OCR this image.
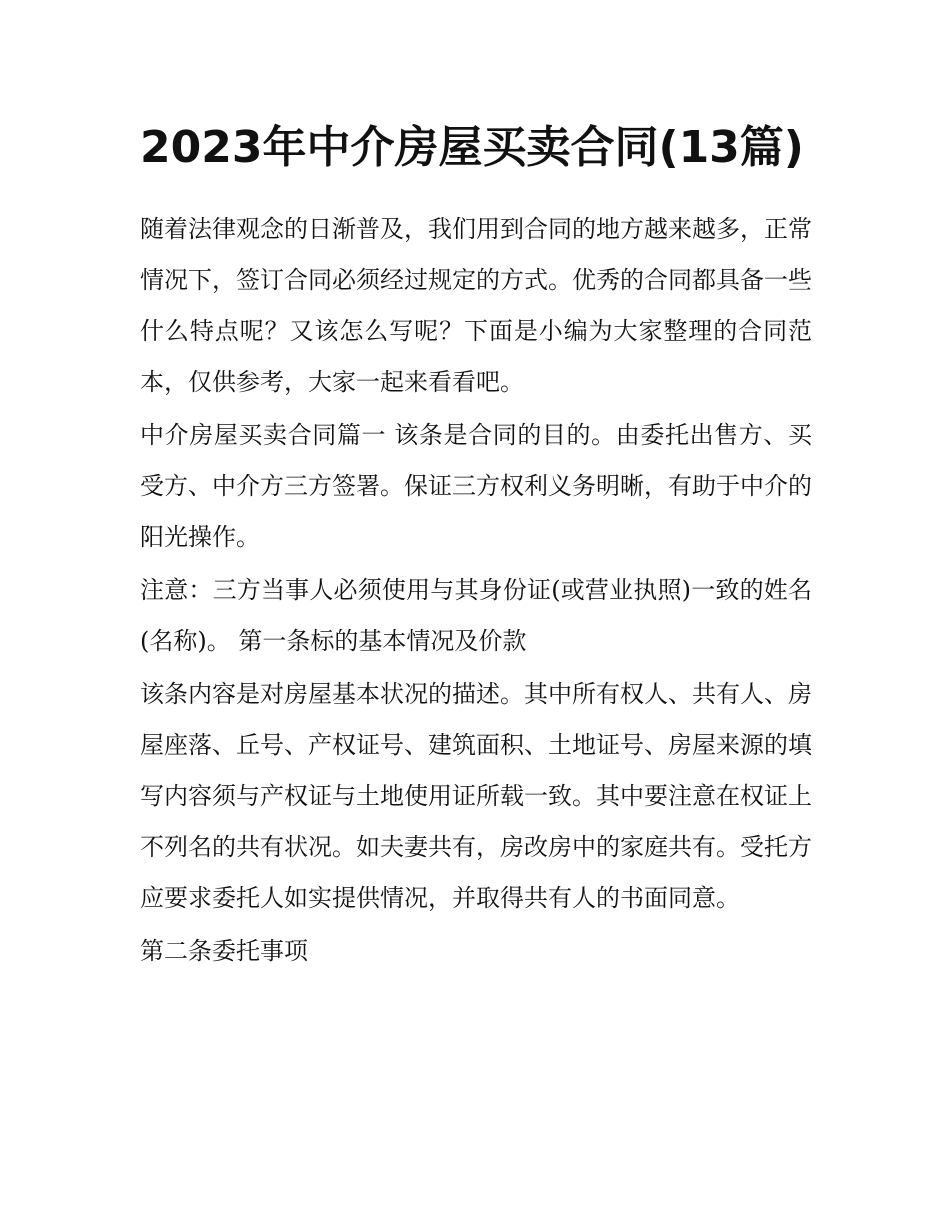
2023年中介房屋买卖合同(13篇)

随着法律观念的日渐普及，我们用到合同的地方越来越多，正常情况下，签订合同必须经过规定的方式。优秀的合同都具备一些什么特点呢？又该怎么写呢？下面是小编为大家整理的合同范本，仅供参考，大家一起来看看吧。

中介房屋买卖合同篇一 该条是合同的目的。由委托出售方、买受方、中介方三方签署。保证三方权利义务明晰，有助于中介的阳光操作。

注意：三方当事人必须使用与其身份证(或营业执照)一致的姓名(名称)。 第一条标的基本情况及价款

该条内容是对房屋基本状况的描述。其中所有权人、共有人、房屋座落、丘号、产权证号、建筑面积、土地证号、房屋来源的填写内容须与产权证与土地使用证所载一致。其中要注意在权证上不列名的共有状况。如夫妻共有，房改房中的家庭共有。受托方应要求委托人如实提供情况，并取得共有人的书面同意。

第二条委托事项
